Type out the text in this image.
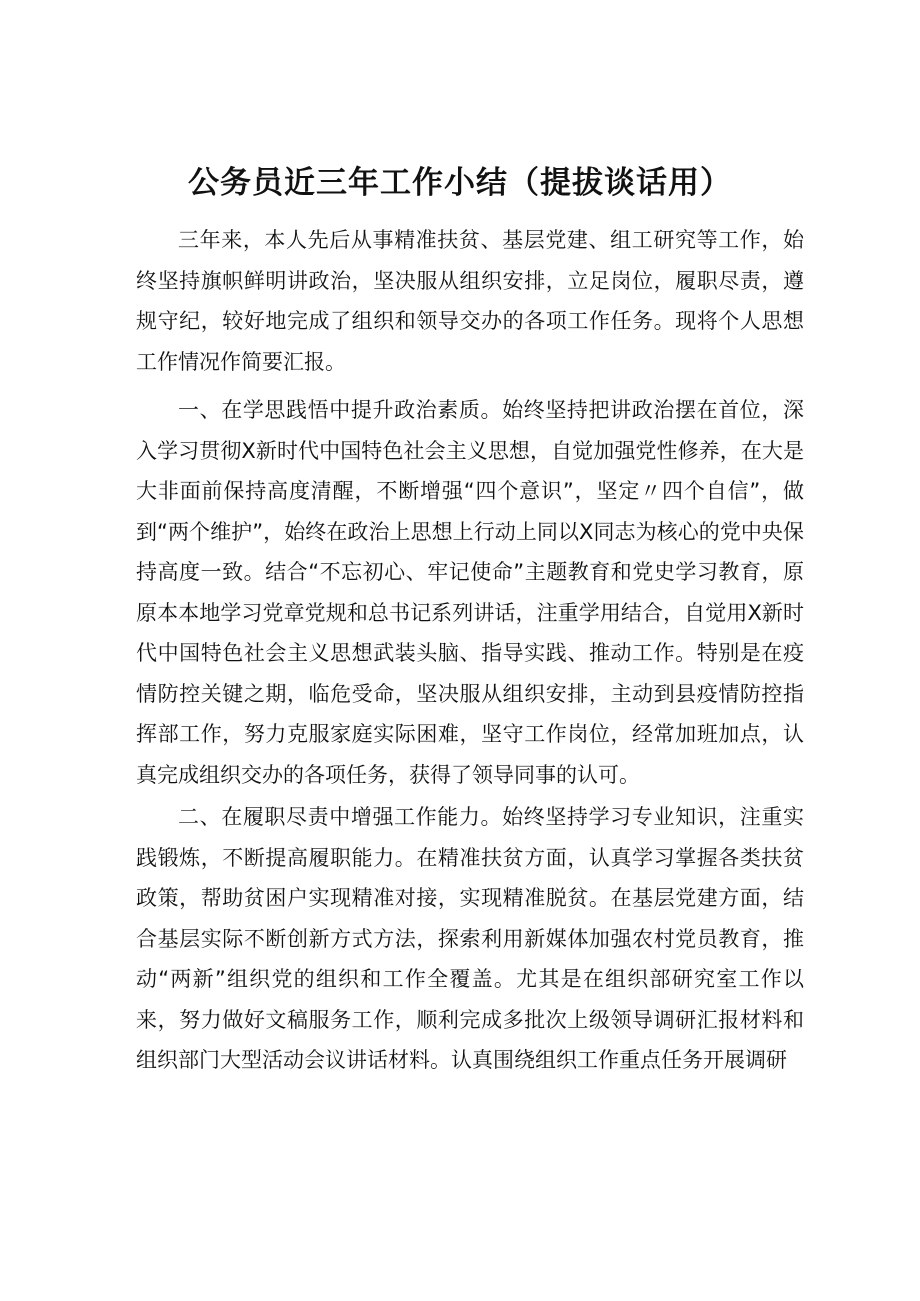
公务员近三年工作小结（提拔谈话用）

三年来，本人先后从事精准扶贫、基层党建、组工研究等工作，始终坚持旗帜鲜明讲政治，坚决服从组织安排，立足岗位，履职尽责，遵规守纪，较好地完成了组织和领导交办的各项工作任务。现将个人思想工作情况作简要汇报。

一、在学思践悟中提升政治素质。始终坚持把讲政治摆在首位，深入学习贯彻X新时代中国特色社会主义思想，自觉加强党性修养，在大是大非面前保持高度清醒，不断增强“四个意识”，坚定〃四个自信”，做到“两个维护”，始终在政治上思想上行动上同以X同志为核心的党中央保持高度一致。结合“不忘初心、牢记使命”主题教育和党史学习教育，原原本本地学习党章党规和总书记系列讲话，注重学用结合，自觉用X新时代中国特色社会主义思想武装头脑、指导实践、推动工作。特别是在疫情防控关键之期，临危受命，坚决服从组织安排，主动到县疫情防控指挥部工作，努力克服家庭实际困难，坚守工作岗位，经常加班加点，认真完成组织交办的各项任务，获得了领导同事的认可。

二、在履职尽责中增强工作能力。始终坚持学习专业知识，注重实践锻炼，不断提高履职能力。在精准扶贫方面，认真学习掌握各类扶贫政策，帮助贫困户实现精准对接，实现精准脱贫。在基层党建方面，结合基层实际不断创新方式方法，探索利用新媒体加强农村党员教育，推动“两新”组织党的组织和工作全覆盖。尤其是在组织部研究室工作以来，努力做好文稿服务工作，顺利完成多批次上级领导调研汇报材料和组织部门大型活动会议讲话材料。认真围绕组织工作重点任务开展调研
